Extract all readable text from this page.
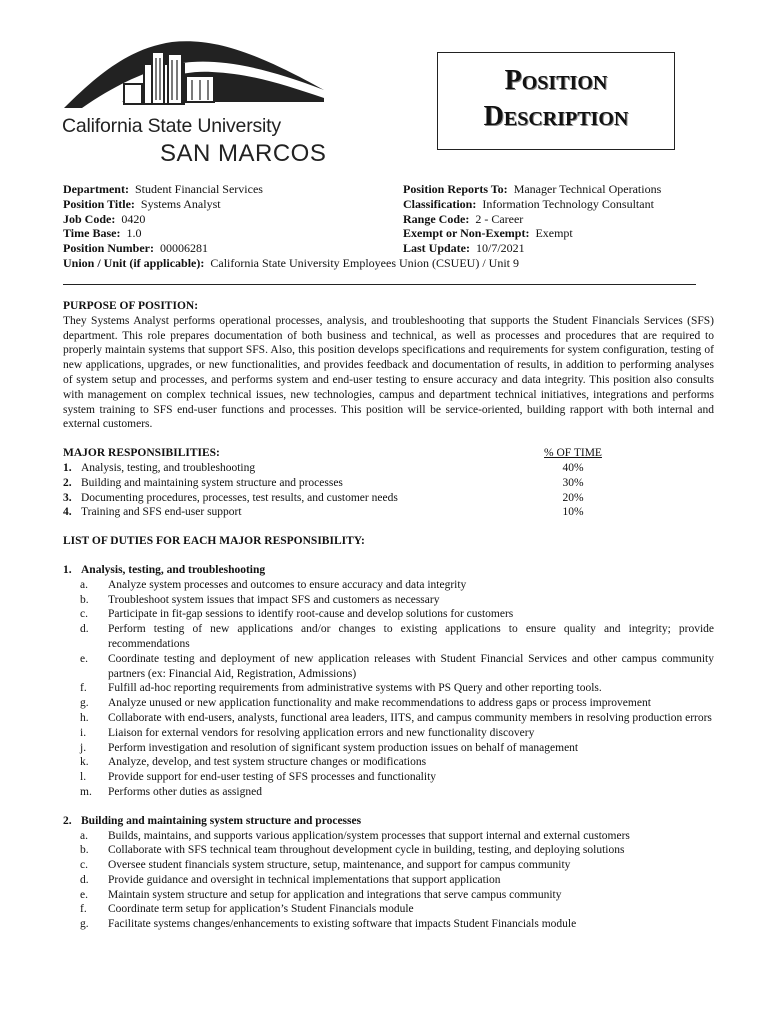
California State University
SAN MARCOS
Position
Description
Department: Student Financial Services
Position Title: Systems Analyst
Job Code: 0420
Time Base: 1.0
Position Number: 00006281
Position Reports To: Manager Technical Operations
Classification: Information Technology Consultant
Range Code: 2 - Career
Exempt or Non-Exempt: Exempt
Last Update: 10/7/2021
Union / Unit (if applicable): California State University Employees Union (CSUEU) / Unit 9
PURPOSE OF POSITION:

They Systems Analyst performs operational processes, analysis, and troubleshooting that supports the Student Financials Services (SFS) department. This role prepares documentation of both business and technical, as well as processes and procedures that are required to properly maintain systems that support SFS. Also, this position develops specifications and requirements for system configuration, testing of new applications, upgrades, or new functionalities, and provides feedback and documentation of results, in addition to performing analyses of system setup and processes, and performs system and end-user testing to ensure accuracy and data integrity. This position also consults with management on complex technical issues, new technologies, campus and department technical initiatives, integrations and performs system training to SFS end-user functions and processes. This position will be service-oriented, building rapport with both internal and external customers.

MAJOR RESPONSIBILITIES:	% OF TIME
1. Analysis, testing, and troubleshooting	40%
2. Building and maintaining system structure and processes	30%
3. Documenting procedures, processes, test results, and customer needs	20%
4. Training and SFS end-user support	10%
LIST OF DUTIES FOR EACH MAJOR RESPONSIBILITY:
1. Analysis, testing, and troubleshooting
a.	Analyze system processes and outcomes to ensure accuracy and data integrity
b.	Troubleshoot system issues that impact SFS and customers as necessary
c.	Participate in fit-gap sessions to identify root-cause and develop solutions for customers
d.	Perform testing of new applications and/or changes to existing applications to ensure quality and integrity; provide recommendations
e.	Coordinate testing and deployment of new application releases with Student Financial Services and other campus community partners (ex: Financial Aid, Registration, Admissions)
f.	Fulfill ad-hoc reporting requirements from administrative systems with PS Query and other reporting tools.
g.	Analyze unused or new application functionality and make recommendations to address gaps or process improvement
h.	Collaborate with end-users, analysts, functional area leaders, IITS, and campus community members in resolving production errors
i.	Liaison for external vendors for resolving application errors and new functionality discovery
j.	Perform investigation and resolution of significant system production issues on behalf of management
k.	Analyze, develop, and test system structure changes or modifications
l.	Provide support for end-user testing of SFS processes and functionality
m.	Performs other duties as assigned
2. Building and maintaining system structure and processes
a.	Builds, maintains, and supports various application/system processes that support internal and external customers
b.	Collaborate with SFS technical team throughout development cycle in building, testing, and deploying solutions
c.	Oversee student financials system structure, setup, maintenance, and support for campus community
d.	Provide guidance and oversight in technical implementations that support application
e.	Maintain system structure and setup for application and integrations that serve campus community
f.	Coordinate term setup for application’s Student Financials module
g.	Facilitate systems changes/enhancements to existing software that impacts Student Financials module
